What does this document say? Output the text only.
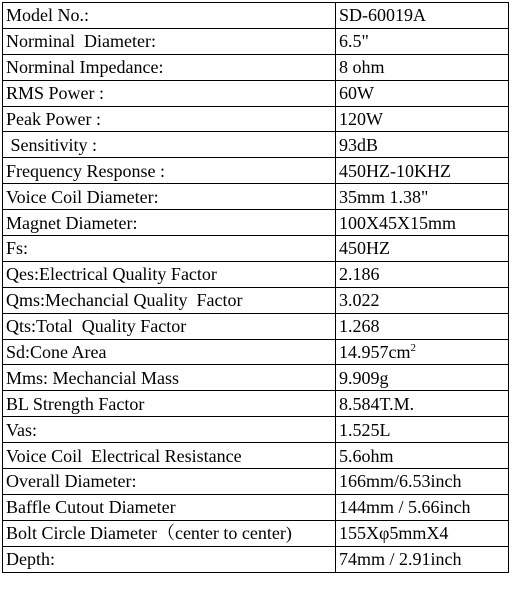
Model No.:	SD-60019A
Norminal  Diameter:	6.5"
Norminal Impedance:	8 ohm
RMS Power :	60W
Peak Power :	120W
Sensitivity :	93dB
Frequency Response :	450HZ-10KHZ
Voice Coil Diameter:	35mm 1.38"
Magnet Diameter:	100X45X15mm
Fs:	450HZ
Qes:Electrical Quality Factor	2.186
Qms:Mechancial Quality  Factor	3.022
Qts:Total  Quality Factor	1.268
Sd:Cone Area	$14.957cm^2$
Mms: Mechancial Mass	9.909g
BL Strength Factor	8.584T.M.
Vas:	1.525L
Voice Coil  Electrical Resistance	5.6ohm
Overall Diameter:	166mm/6.53inch
Baffle Cutout Diameter	144mm / 5.66inch
Bolt Circle Diameter（center to center)	155Xφ5mmX4
Depth:	74mm / 2.91inch
